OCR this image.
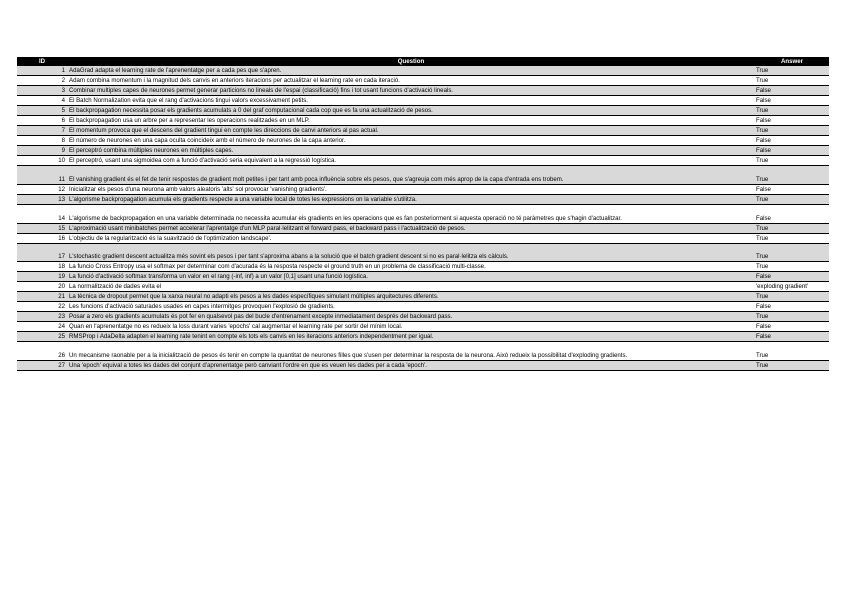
ID	Question	Answer
1	AdaGrad adapta el learning rate de l'aprenentatge per a cada pes que s'apren.	True
2	Adam combina momentum i la magnitud dels canvis en anteriors iteracions per actualitzar el learning rate en cada iteració.	True
3	Combinar multiples capes de neurones permet generar particions no lineals de l'espai (classificació) fins i tot usant funcions d'activació lineals.	False
4	El Batch Normalization evita que el rang d'activacions tingui valors excessivament petits.	False
5	El backpropagation necessita posar els gradients acumulats a 0 del graf computacional cada cop que es fa una actualització de pesos.	True
6	El backpropagation usa un arbre per a representar les operacions realitzades en un MLP.	False
7	El momentum provoca que el descens del gradient tingui en compte les direccions de canvi anteriors al pas actual.	True
8	El número de neurones en una capa oculta coincideix amb el número de neurones de la capa anterior.	False
9	El perceptró combina múltiples neurones en múltiples capes.	False
10	El perceptró, usant una sigmoidea com a funció d'activació seria equivalent a la regressió logística.	True
11	El vanishing gradient és el fet de tenir respostes de gradient molt petites i per tant amb poca influència sobre els pesos, que s'agreuja com més aprop de la capa d'entrada ens trobem.	True
12	Inicialitzar els pesos d'una neurona amb valors aleatoris 'alts' sol provocar 'vanishing gradients'.	False
13	L'algorisme backpropagation acumula els gradients respecte a una variable local de totes les expressions on la variable s'utilitza.	True
14	L'algorisme de backpropagation en una variable determinada no necessita acumular els gradients en les operacions que es fan posteriorment si aquesta operació no té paràmetres que s'hagin d'actualitzar.	False
15	L'aproximació usant minibatches permet accelerar l'aprentatge d'un MLP paral·lelitzant el forward pass, el backward pass i l'actualització de pesos.	True
16	L'objectiu de la regularització és la suavització de l'optimization landscape'.	True
17	L'stochastic gradient descent actualitza més sovint els pesos i per tant s'aproxima abans a la solució que el batch gradient descent si no es paral·lelitza els càlculs.	True
18	La funcio Cross Entropy usa el softmax per determinar com d'acurada és la resposta respecte el ground truth en un problema de classificació multi-classe.	True
19	La funció d'activació softmax transforma un valor en el rang (-inf, inf) a un valor [0,1] usant una funció logística.	False
20	La normalització de dades evita el	'exploding gradient'
21	La tècnica de dropout permet que la xarxa neural no adapti els pesos a les dades específiques simulant múltiples arquitectures diferents.	True
22	Les funcions d'activació saturades usades en capes intermitges provoquen l'explosió de gradients.	False
23	Posar a zero els gradients acumulats és pot fer en qualsevol pas del bucle d'entrenament excepte inmediatament després del backward pass.	True
24	Quan en l'aprenentatge no es redueix la loss durant varies 'epochs' cal augmentar el learning rate per sortir del mínim local.	False
25	RMSProp i AdaDelta adapten el learning rate tenint en compte els tots els canvis en les iteracions anteriors independentment per igual.	False
26	Un mecanisme raonable per a la inicialització de pesos és tenir en compte la quantitat de neurones filles que s'usen per determinar la resposta de la neurona. Això redueix la possibilitat d'exploding gradients.	True
27	Una 'epoch' equival a totes les dades del conjunt d'aprenentatge però canviant l'ordre en que es veuen les dades per a cada 'epoch'.	True
